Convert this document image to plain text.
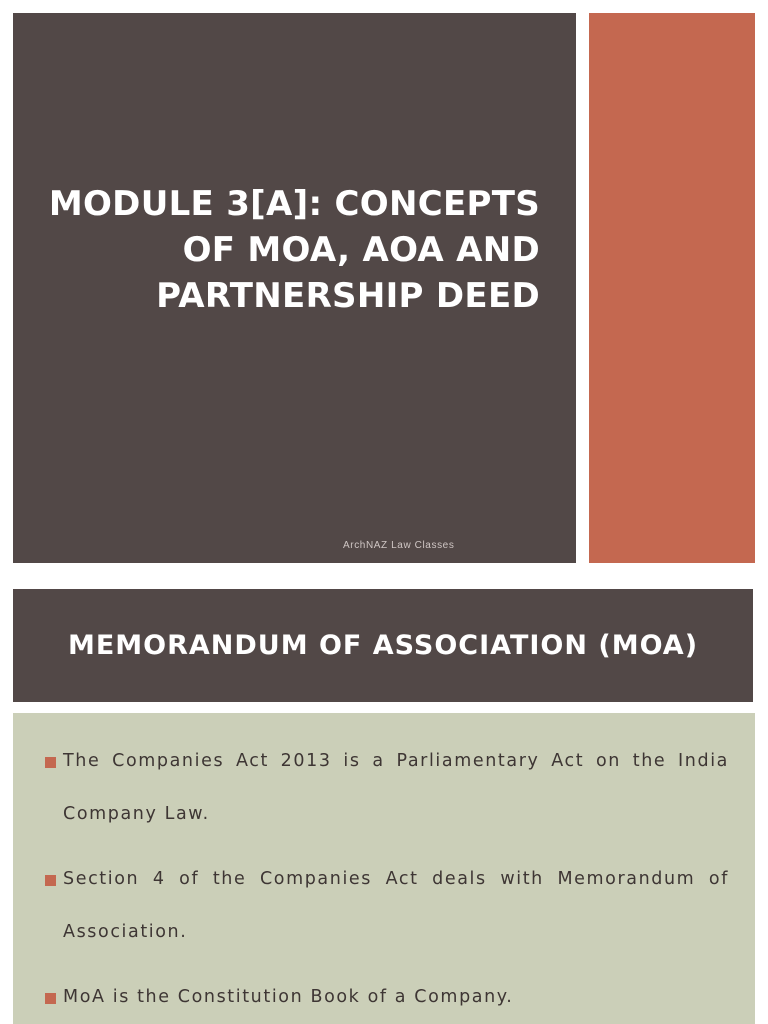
MODULE 3[A]: CONCEPTS
OF MOA, AOA AND
PARTNERSHIP DEED
ArchNAZ Law Classes
MEMORANDUM OF ASSOCIATION (MOA)
The Companies Act 2013 is a Parliamentary Act on the India Company Law.
Section 4 of the Companies Act deals with Memorandum of Association.
MoA is the Constitution Book of a Company.
